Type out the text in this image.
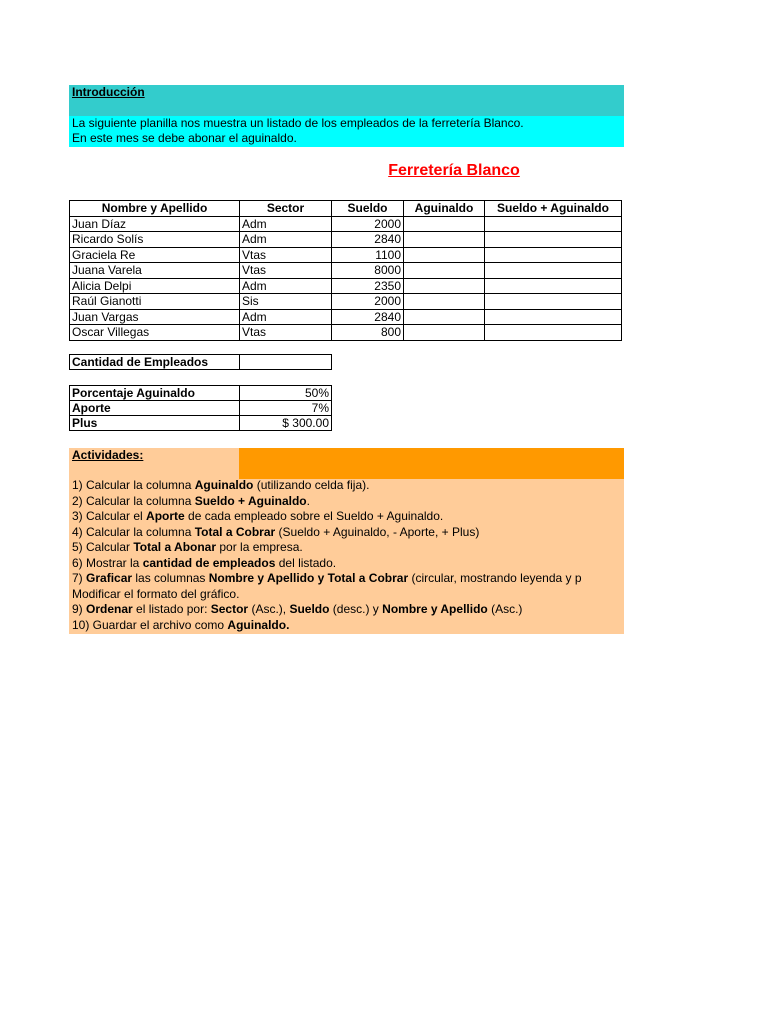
Introducción
La siguiente planilla nos muestra un listado de los empleados de la ferretería Blanco.
En este mes se debe abonar el aguinaldo.
Ferretería Blanco
Nombre y Apellido	Sector	Sueldo	Aguinaldo	Sueldo + Aguinaldo
Juan Díaz	Adm	2000		
Ricardo Solís	Adm	2840		
Graciela Re	Vtas	1100		
Juana Varela	Vtas	8000		
Alicia Delpi	Adm	2350		
Raúl Gianotti	Sis	2000		
Juan Vargas	Adm	2840		
Oscar Villegas	Vtas	800		
Cantidad de Empleados	
Porcentaje Aguinaldo	50%
Aporte	7%
Plus	$ 300.00
Actividades:
1) Calcular la columna Aguinaldo (utilizando celda fija).
2) Calcular la columna Sueldo + Aguinaldo.
3) Calcular el Aporte de cada empleado sobre el Sueldo + Aguinaldo.
4) Calcular la columna Total a Cobrar (Sueldo + Aguinaldo, - Aporte, + Plus)
5) Calcular Total a Abonar por la empresa.
6) Mostrar la cantidad de empleados del listado.
7) Graficar las columnas Nombre y Apellido y Total a Cobrar (circular, mostrando leyenda y p
Modificar el formato del gráfico.
9) Ordenar el listado por: Sector (Asc.), Sueldo (desc.) y Nombre y Apellido (Asc.)
10) Guardar el archivo como Aguinaldo.
